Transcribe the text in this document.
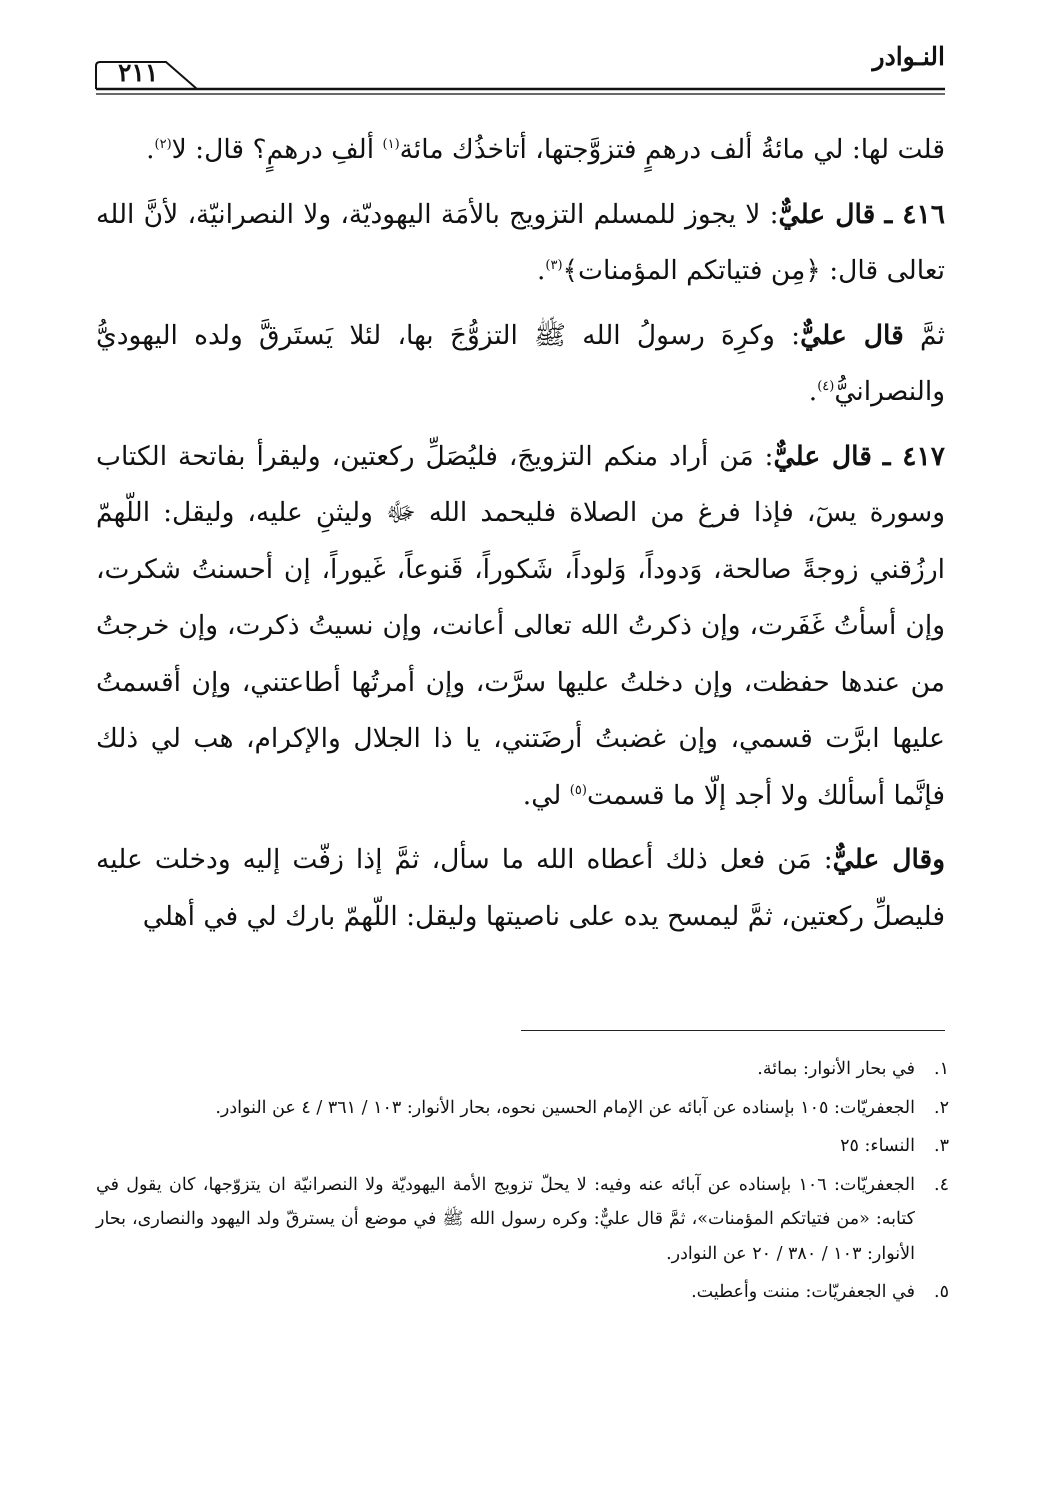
النـوادر
٢١١

قلت لها: لي مائةُ ألف درهمٍ فتزوَّجتها، أتاخذُك مائة$^{(١)}$ ألفِ درهمٍ؟ قال: لا$^{(٢)}$.

٤١٦ ـ قال عليٌّ: لا يجوز للمسلم التزويج بالأمَة اليهوديّة، ولا النصرانيّة، لأنَّ الله تعالى قال: ﴿مِن فتياتكم المؤمنات﴾$^{(٣)}$.

ثمَّ قال عليٌّ: وكرِهَ رسولُ الله ﷺ التزوُّجَ بها، لئلا يَستَرقَّ ولده اليهوديُّ والنصرانيُّ$^{(٤)}$.

٤١٧ ـ قال عليٌّ: مَن أراد منكم التزويجَ، فليُصَلِّ ركعتين، وليقرأ بفاتحة الكتاب وسورة يسٓ، فإذا فرغ من الصلاة فليحمد الله ﷻ وليثنِ عليه، وليقل: اللّهمّ ارزُقني زوجةً صالحة، وَدوداً، وَلوداً، شَكوراً، قَنوعاً، غَيوراً، إن أحسنتُ شكرت، وإن أسأتُ غَفَرت، وإن ذكرتُ الله تعالى أعانت، وإن نسيتُ ذكرت، وإن خرجتُ من عندها حفظت، وإن دخلتُ عليها سرَّت، وإن أمرتُها أطاعتني، وإن أقسمتُ عليها ابرَّت قسمي، وإن غضبتُ أرضَتني، يا ذا الجلال والإكرام، هب لي ذلك فإنَّما أسألك ولا أجد إلّا ما قسمت$^{(٥)}$ لي.

وقال عليٌّ: مَن فعل ذلك أعطاه الله ما سأل، ثمَّ إذا زفّت إليه ودخلت عليه فليصلِّ ركعتين، ثمَّ ليمسح يده على ناصيتها وليقل: اللّهمّ بارك لي في أهلي

١.
في بحار الأنوار: بمائة.
٢.
الجعفريّات: ١٠٥ بإسناده عن آبائه عن الإمام الحسين نحوه، بحار الأنوار: ١٠٣ / ٣٦١ / ٤ عن النوادر.
٣.
النساء: ٢٥
٤.
الجعفريّات: ١٠٦ بإسناده عن آبائه عنه وفيه: لا يحلّ تزويج الأمة اليهوديّة ولا النصرانيّة ان يتزوّجها، كان يقول في كتابه: «من فتياتكم المؤمنات»، ثمَّ قال عليٌّ: وكره رسول الله ﷺ في موضع أن يسترقّ ولد اليهود والنصارى، بحار الأنوار: ١٠٣ / ٣٨٠ / ٢٠ عن النوادر.
٥.
في الجعفريّات: مننت وأعطيت.
